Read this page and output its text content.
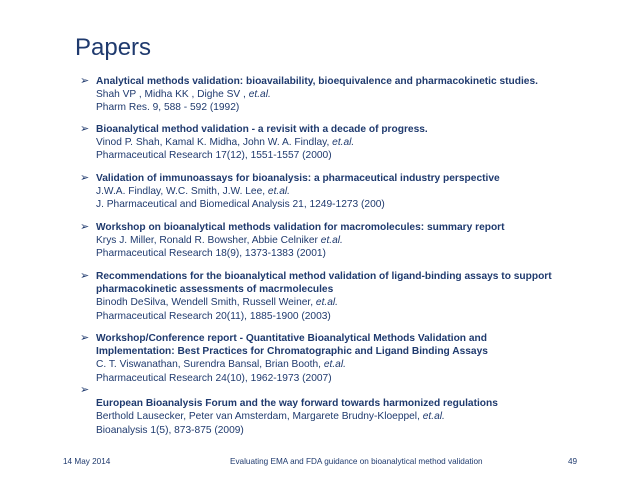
Papers
➢ Analytical methods validation: bioavailability, bioequivalence and pharmacokinetic studies.
Shah VP , Midha KK , Dighe SV , et.al.
Pharm Res. 9, 588 - 592 (1992)
➢ Bioanalytical method validation - a revisit with a decade of progress.
Vinod P. Shah, Kamal K. Midha, John W. A. Findlay, et.al.
Pharmaceutical Research 17(12), 1551-1557 (2000)
➢ Validation of immunoassays for bioanalysis: a pharmaceutical industry perspective
J.W.A. Findlay, W.C. Smith, J.W. Lee, et.al.
J. Pharmaceutical and Biomedical Analysis 21, 1249-1273 (200)
➢ Workshop on bioanalytical methods validation for macromolecules: summary report
Krys J. Miller, Ronald R. Bowsher, Abbie Celniker et.al.
Pharmaceutical Research 18(9), 1373-1383 (2001)
➢ Recommendations for the bioanalytical method validation of ligand-binding assays to support
pharmacokinetic assessments of macrmolecules
Binodh DeSilva, Wendell Smith, Russell Weiner, et.al.
Pharmaceutical Research 20(11), 1885-1900 (2003)
➢ Workshop/Conference report - Quantitative Bioanalytical Methods Validation and
Implementation: Best Practices for Chromatographic and Ligand Binding Assays
C. T. Viswanathan, Surendra Bansal, Brian Booth, et.al.
Pharmaceutical Research 24(10), 1962-1973 (2007)
➢
European Bioanalysis Forum and the way forward towards harmonized regulations
Berthold Lausecker, Peter van Amsterdam, Margarete Brudny-Kloeppel, et.al.
Bioanalysis 1(5), 873-875 (2009)
14 May 2014	Evaluating EMA and FDA guidance on bioanalytical method validation	49
